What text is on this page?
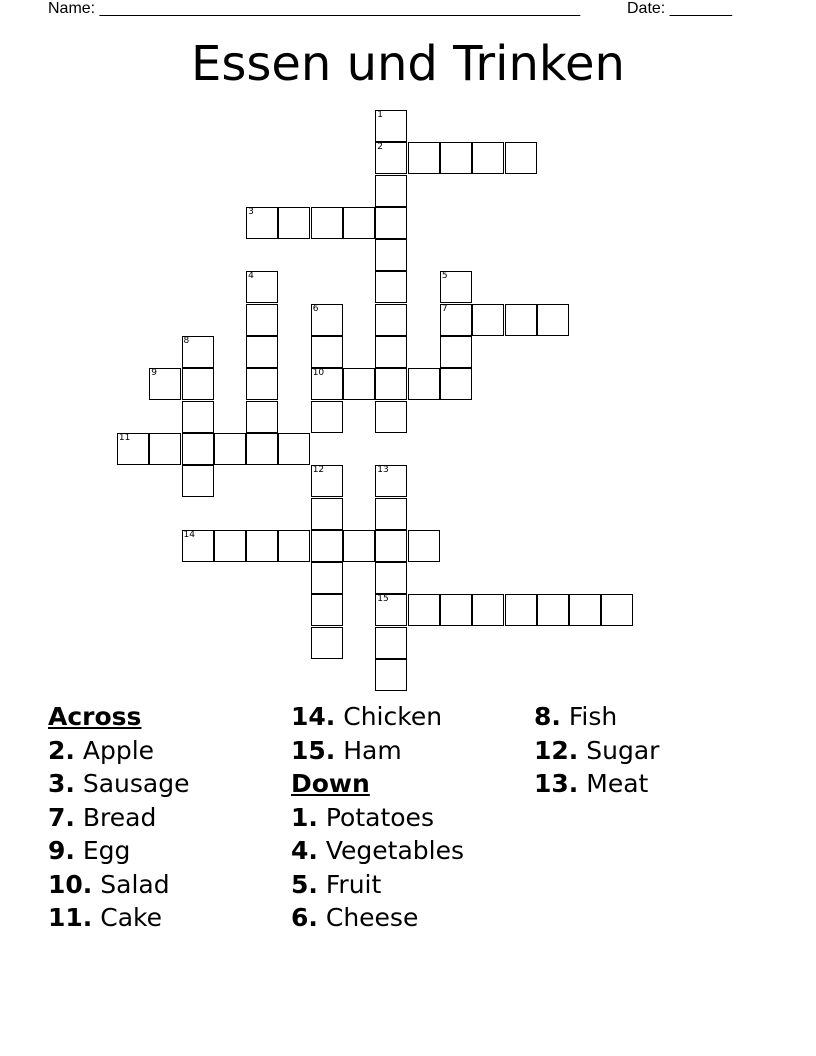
Name: ______________________________________________________	Date: _______
Essen und Trinken
1
2
3
4	5
6	7
8
9	10
11
12	13
14
15
Across
2. Apple
3. Sausage
7. Bread
9. Egg
10. Salad
11. Cake
14. Chicken
15. Ham
Down
1. Potatoes
4. Vegetables
5. Fruit
6. Cheese
8. Fish
12. Sugar
13. Meat
